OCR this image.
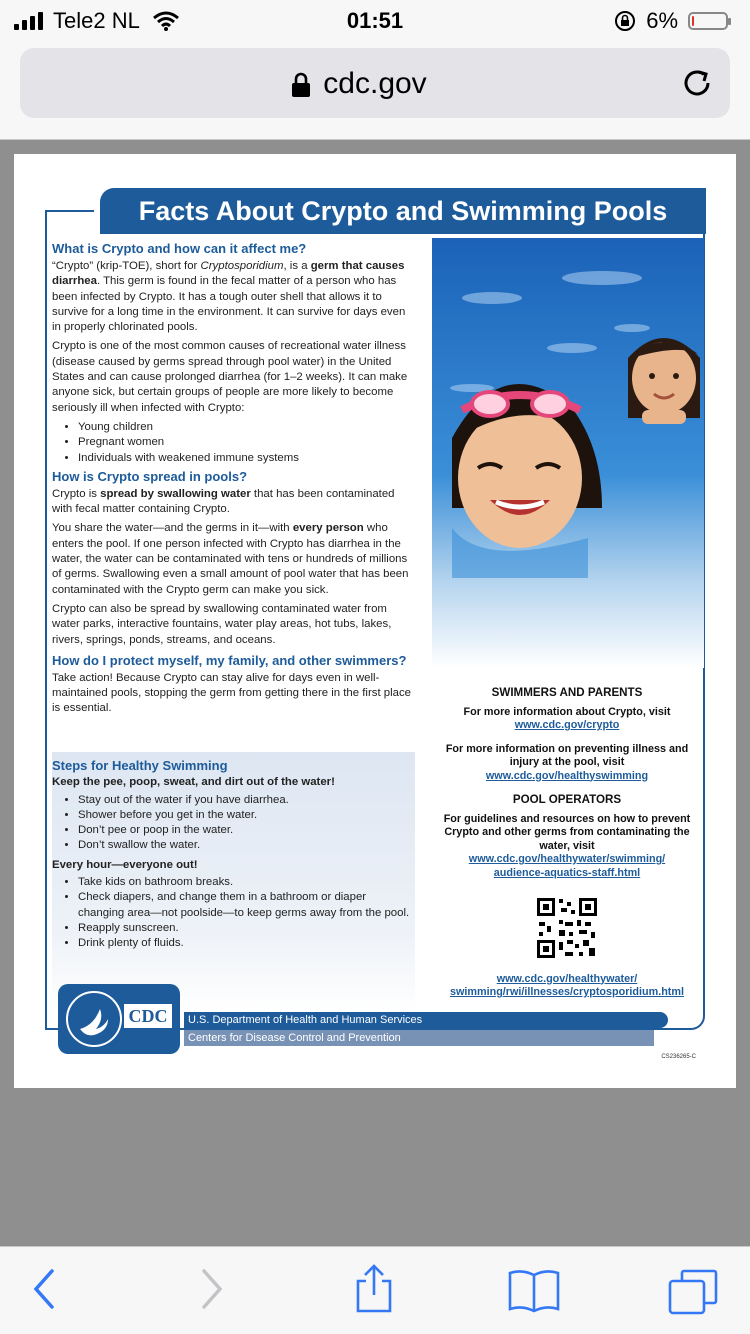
Tele2 NL	01:51	6%
cdc.gov
Facts About Crypto and Swimming Pools
What is Crypto and how can it affect me?

“Crypto” (krip-TOE), short for Cryptosporidium, is a germ that causes diarrhea. This germ is found in the fecal matter of a person who has been infected by Crypto. It has a tough outer shell that allows it to survive for a long time in the environment. It can survive for days even in properly chlorinated pools.

Crypto is one of the most common causes of recreational water illness (disease caused by germs spread through pool water) in the United States and can cause prolonged diarrhea (for 1–2 weeks). It can make anyone sick, but certain groups of people are more likely to become seriously ill when infected with Crypto:

• Young children
• Pregnant women
• Individuals with weakened immune systems
How is Crypto spread in pools?

Crypto is spread by swallowing water that has been contaminated with fecal matter containing Crypto.

You share the water—and the germs in it—with every person who enters the pool. If one person infected with Crypto has diarrhea in the water, the water can be contaminated with tens or hundreds of millions of germs. Swallowing even a small amount of pool water that has been contaminated with the Crypto germ can make you sick.

Crypto can also be spread by swallowing contaminated water from water parks, interactive fountains, water play areas, hot tubs, lakes, rivers, springs, ponds, streams, and oceans.

How do I protect myself, my family, and other swimmers?

Take action! Because Crypto can stay alive for days even in well-maintained pools, stopping the germ from getting there in the first place is essential.

Steps for Healthy Swimming

Keep the pee, poop, sweat, and dirt out of the water!

• Stay out of the water if you have diarrhea.
• Shower before you get in the water.
• Don’t pee or poop in the water.
• Don’t swallow the water.

Every hour—everyone out!

• Take kids on bathroom breaks.
• Check diapers, and change them in a bathroom or diaper changing area—not poolside—to keep germs away from the pool.
• Reapply sunscreen.
• Drink plenty of fluids.
SWIMMERS AND PARENTS

For more information about Crypto, visit www.cdc.gov/crypto

For more information on preventing illness and injury at the pool, visit
www.cdc.gov/healthyswimming

POOL OPERATORS

For guidelines and resources on how to prevent Crypto and other germs from contaminating the water, visit
www.cdc.gov/healthywater/swimming/
audience-aquatics-staff.html

www.cdc.gov/healthywater/
swimming/rwi/illnesses/cryptosporidium.html

CDC	U.S. Department of Health and Human Services
Centers for Disease Control and Prevention
CS236265-C
